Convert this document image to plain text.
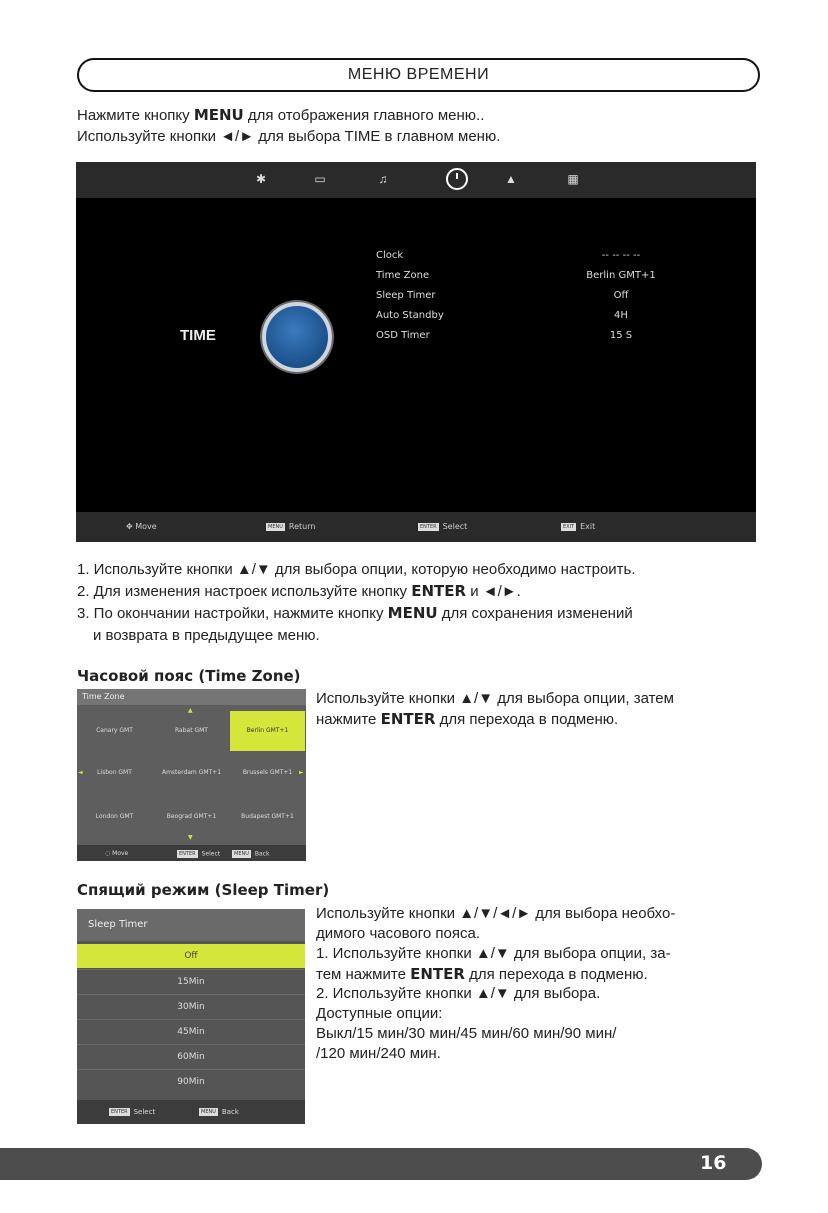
МЕНЮ ВРЕМЕНИ
Нажмите кнопку MENU для отображения главного меню..
Используйте кнопки ◄/► для выбора TIME в главном меню.
✱	▭	♫	▲	▦
TIME
Clock	-- -- -- --
Time Zone	Berlin GMT+1
Sleep Timer	Off
Auto Standby	4H
OSD Timer	15 S
✥ Move	MENU Return	ENTER Select	EXIT Exit
1. Используйте кнопки ▲/▼ для выбора опции, которую необходимо настроить.
2. Для изменения настроек используйте кнопку ENTER и ◄/►.
3. По окончании настройки, нажмите кнопку MENU для сохранения изменений
и возврата в предыдущее меню.
Часовой пояс (Time Zone)
Time Zone
▲
Canary GMT	Rabat GMT	Berlin GMT+1
◄	Lisbon GMT	Amsterdam GMT+1	Brussels GMT+1	►
London GMT	Beograd GMT+1	Budapest GMT+1
▼
◌ Move	ENTER Select	MENU Back
Используйте кнопки ▲/▼ для выбора опции, затем
нажмите ENTER для перехода в подменю.
Спящий режим (Sleep Timer)
Sleep Timer
Off
15Min
30Min
45Min
60Min
90Min
ENTER Select	MENU Back
Используйте кнопки ▲/▼/◄/► для выбора необхо-
димого часового пояса.
1. Используйте кнопки ▲/▼ для выбора опции, за-
тем нажмите ENTER для перехода в подменю.
2. Используйте кнопки ▲/▼ для выбора.
Доступные опции:
Выкл/15 мин/30 мин/45 мин/60 мин/90 мин/
/120 мин/240 мин.
16
